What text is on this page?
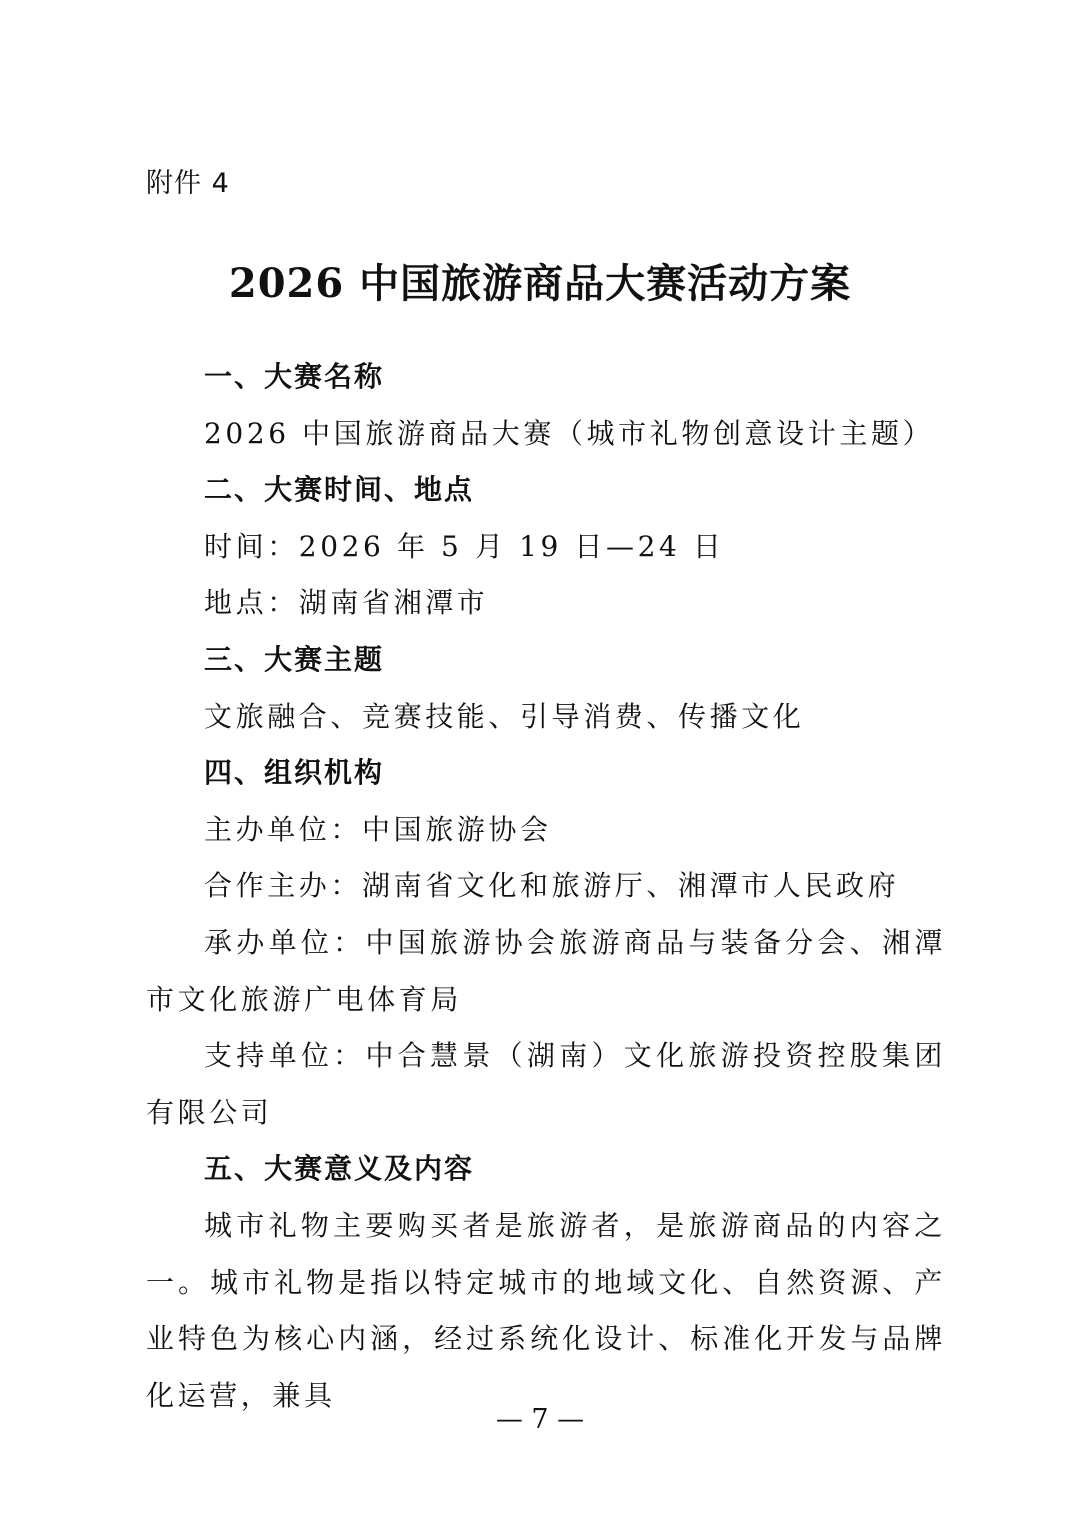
附件 4
2026 中国旅游商品大赛活动方案

一、大赛名称

2026 中国旅游商品大赛（城市礼物创意设计主题）

二、大赛时间、地点

时间：2026 年 5 月 19 日—24 日

地点：湖南省湘潭市

三、大赛主题

文旅融合、竞赛技能、引导消费、传播文化

四、组织机构

主办单位：中国旅游协会

合作主办：湖南省文化和旅游厅、湘潭市人民政府

承办单位：中国旅游协会旅游商品与装备分会、湘潭市文化旅游广电体育局

支持单位：中合慧景（湖南）文化旅游投资控股集团有限公司

五、大赛意义及内容

城市礼物主要购买者是旅游者，是旅游商品的内容之一。城市礼物是指以特定城市的地域文化、自然资源、产业特色为核心内涵，经过系统化设计、标准化开发与品牌化运营，兼具

— 7 —
